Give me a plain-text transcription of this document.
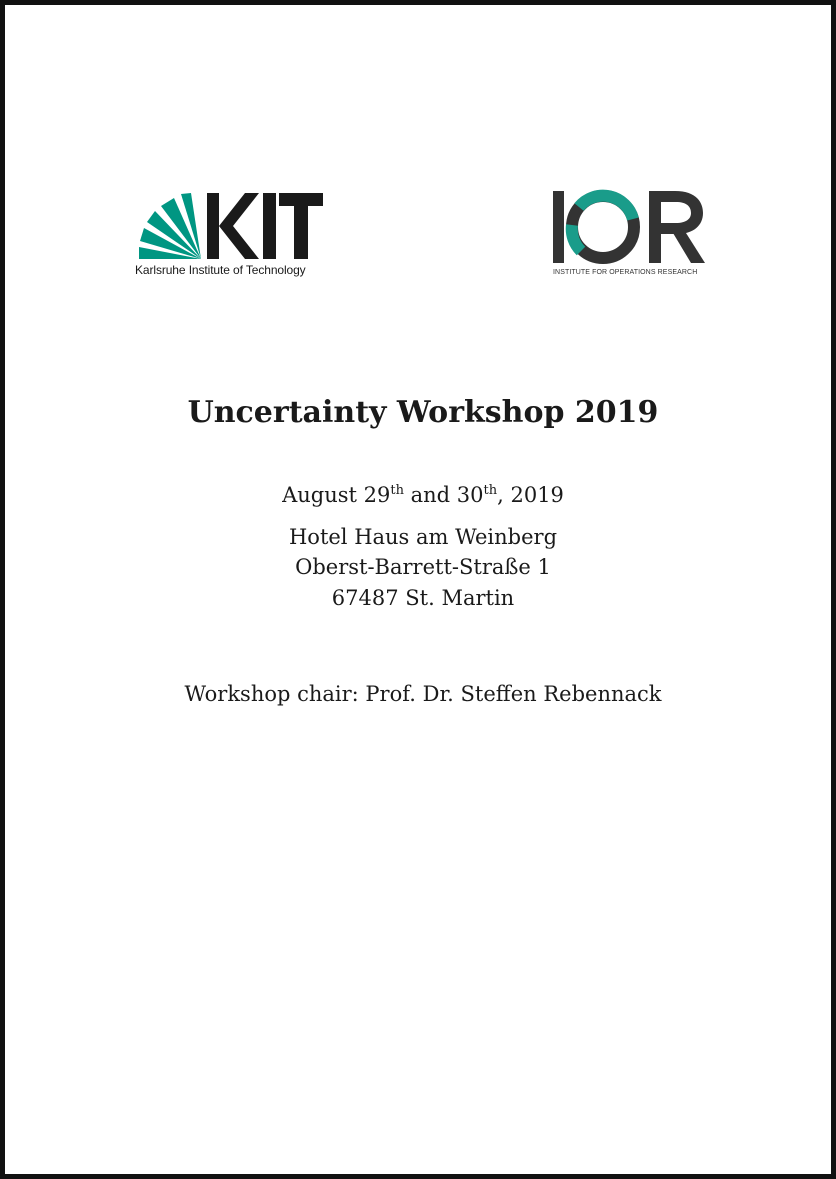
Karlsruhe Institute of Technology	INSTITUTE FOR OPERATIONS RESEARCH
Uncertainty Workshop 2019
August 29th and 30th, 2019
Hotel Haus am Weinberg
Oberst-Barrett-Straße 1
67487 St. Martin
Workshop chair: Prof. Dr. Steffen Rebennack
